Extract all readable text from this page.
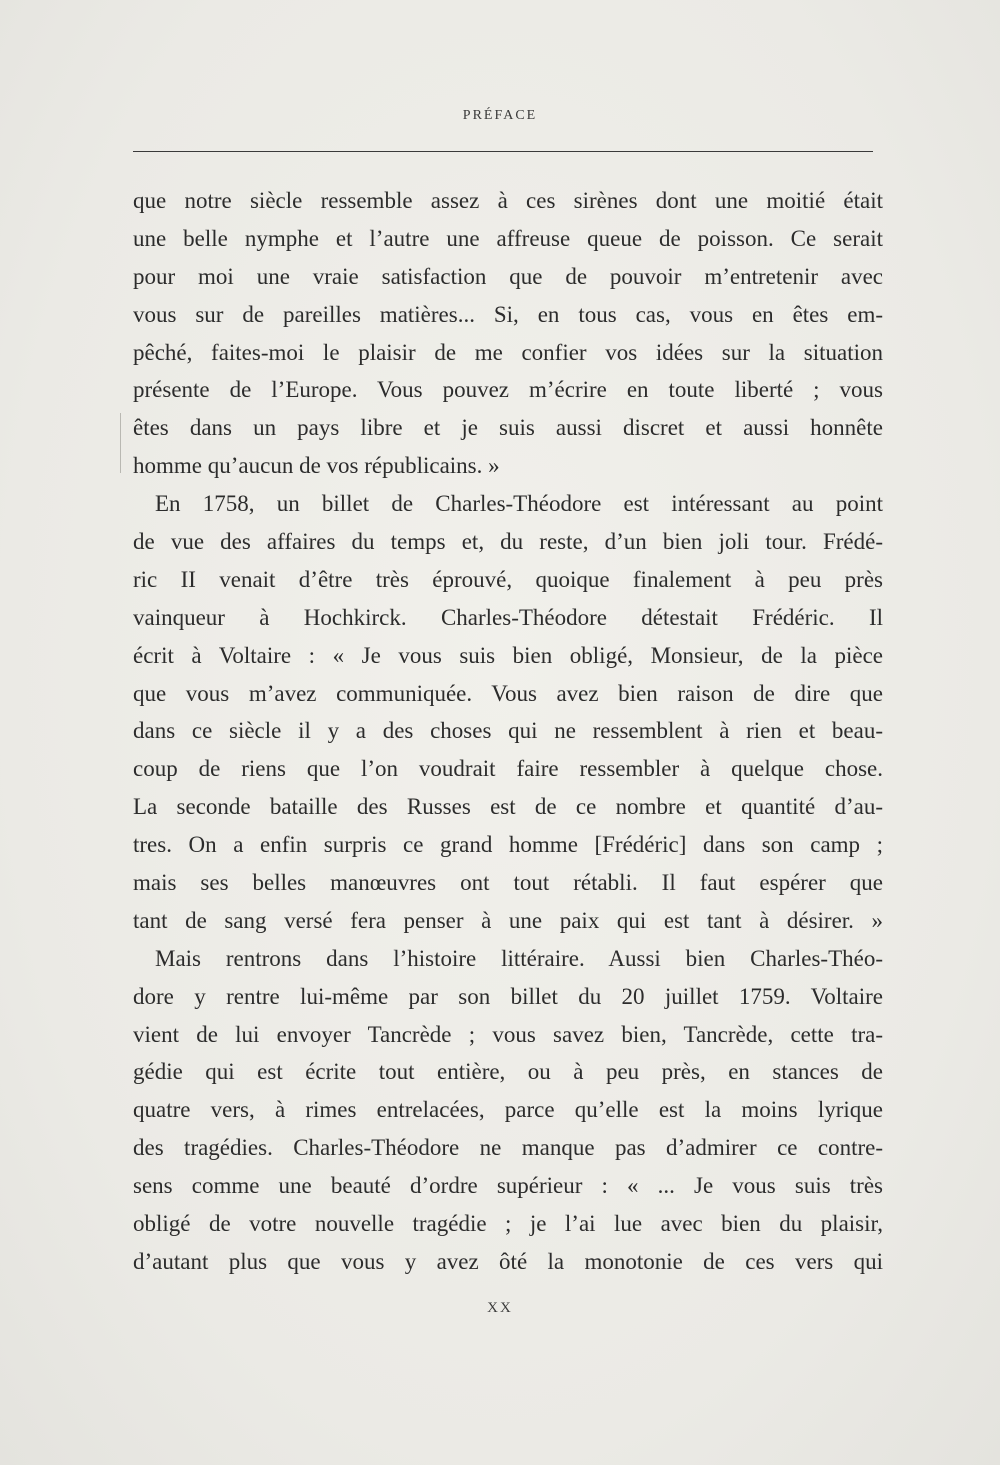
PRÉFACE
que notre siècle ressemble assez à ces sirènes dont une moitié était
une belle nymphe et l’autre une affreuse queue de poisson. Ce serait
pour moi une vraie satisfaction que de pouvoir m’entretenir avec
vous sur de pareilles matières... Si, en tous cas, vous en êtes em-
pêché, faites-moi le plaisir de me confier vos idées sur la situation
présente de l’Europe. Vous pouvez m’écrire en toute liberté ; vous
êtes dans un pays libre et je suis aussi discret et aussi honnête
homme qu’aucun de vos républicains. »
En 1758, un billet de Charles-Théodore est intéressant au point
de vue des affaires du temps et, du reste, d’un bien joli tour. Frédé-
ric II venait d’être très éprouvé, quoique finalement à peu près
vainqueur à Hochkirck. Charles-Théodore détestait Frédéric. Il
écrit à Voltaire : « Je vous suis bien obligé, Monsieur, de la pièce
que vous m’avez communiquée. Vous avez bien raison de dire que
dans ce siècle il y a des choses qui ne ressemblent à rien et beau-
coup de riens que l’on voudrait faire ressembler à quelque chose.
La seconde bataille des Russes est de ce nombre et quantité d’au-
tres. On a enfin surpris ce grand homme [Frédéric] dans son camp ;
mais ses belles manœuvres ont tout rétabli. Il faut espérer que
tant de sang versé fera penser à une paix qui est tant à désirer. »
Mais rentrons dans l’histoire littéraire. Aussi bien Charles-Théo-
dore y rentre lui-même par son billet du 20 juillet 1759. Voltaire
vient de lui envoyer Tancrède ; vous savez bien, Tancrède, cette tra-
gédie qui est écrite tout entière, ou à peu près, en stances de
quatre vers, à rimes entrelacées, parce qu’elle est la moins lyrique
des tragédies. Charles-Théodore ne manque pas d’admirer ce contre-
sens comme une beauté d’ordre supérieur : « ... Je vous suis très
obligé de votre nouvelle tragédie ; je l’ai lue avec bien du plaisir,
d’autant plus que vous y avez ôté la monotonie de ces vers qui
XX
